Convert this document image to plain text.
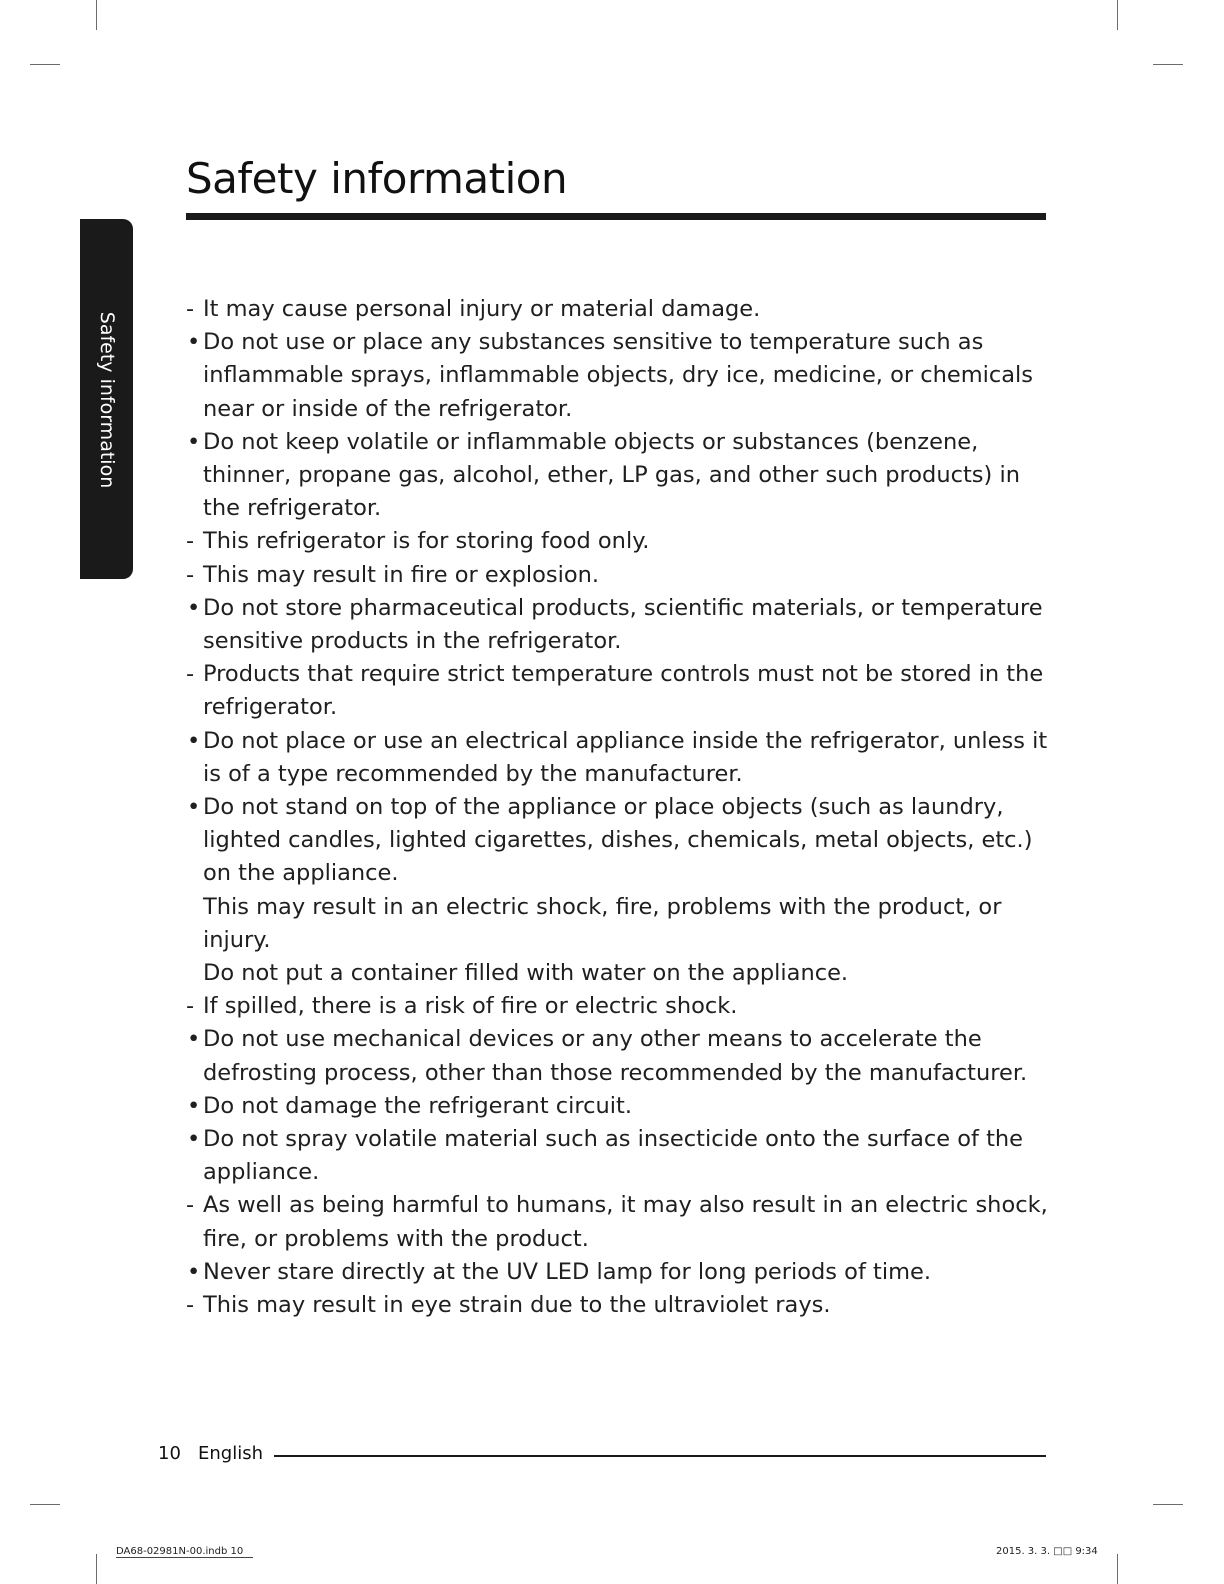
Safety information
Safety information
- It may cause personal injury or material damage.
• Do not use or place any substances sensitive to temperature such as inflammable sprays, inflammable objects, dry ice, medicine, or chemicals near or inside of the refrigerator.
• Do not keep volatile or inflammable objects or substances (benzene, thinner, propane gas, alcohol, ether, LP gas, and other such products) in the refrigerator.
- This refrigerator is for storing food only.
- This may result in fire or explosion.
• Do not store pharmaceutical products, scientific materials, or temperature sensitive products in the refrigerator.
- Products that require strict temperature controls must not be stored in the refrigerator.
• Do not place or use an electrical appliance inside the refrigerator, unless it is of a type recommended by the manufacturer.
• Do not stand on top of the appliance or place objects (such as laundry, lighted candles, lighted cigarettes, dishes, chemicals, metal objects, etc.) on the appliance.
This may result in an electric shock, fire, problems with the product, or injury.
Do not put a container filled with water on the appliance.
- If spilled, there is a risk of fire or electric shock.
• Do not use mechanical devices or any other means to accelerate the defrosting process, other than those recommended by the manufacturer.
• Do not damage the refrigerant circuit.
• Do not spray volatile material such as insecticide onto the surface of the appliance.
- As well as being harmful to humans, it may also result in an electric shock, fire, or problems with the product.
• Never stare directly at the UV LED lamp for long periods of time.
- This may result in eye strain due to the ultraviolet rays.
10 English
DA68-02981N-00.indb 10	2015. 3. 3. □□ 9:34
